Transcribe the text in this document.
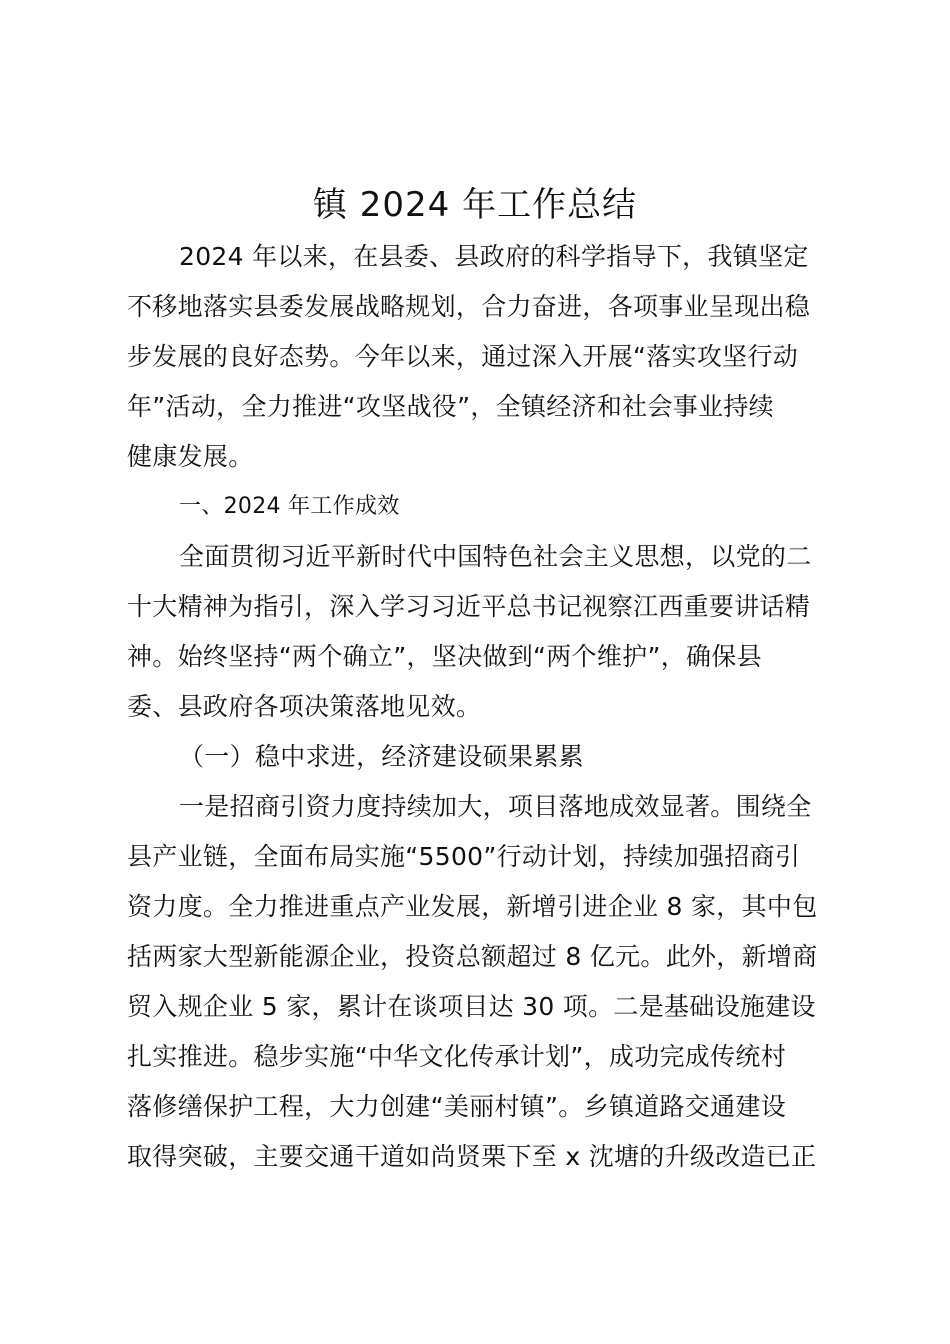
镇 2024 年工作总结
2024 年以来，在县委、县政府的科学指导下，我镇坚定
不移地落实县委发展战略规划，合力奋进，各项事业呈现出稳
步发展的良好态势。今年以来，通过深入开展“落实攻坚行动
年”活动，全力推进“攻坚战役”，全镇经济和社会事业持续
健康发展。
一、2024 年工作成效
全面贯彻习近平新时代中国特色社会主义思想，以党的二
十大精神为指引，深入学习习近平总书记视察江西重要讲话精
神。始终坚持“两个确立”，坚决做到“两个维护”，确保县
委、县政府各项决策落地见效。
（一）稳中求进，经济建设硕果累累
一是招商引资力度持续加大，项目落地成效显著。围绕全
县产业链，全面布局实施“5500”行动计划，持续加强招商引
资力度。全力推进重点产业发展，新增引进企业 8 家，其中包
括两家大型新能源企业，投资总额超过 8 亿元。此外，新增商
贸入规企业 5 家，累计在谈项目达 30 项。二是基础设施建设
扎实推进。稳步实施“中华文化传承计划”，成功完成传统村
落修缮保护工程，大力创建“美丽村镇”。乡镇道路交通建设
取得突破，主要交通干道如尚贤栗下至 x 沈塘的升级改造已正
